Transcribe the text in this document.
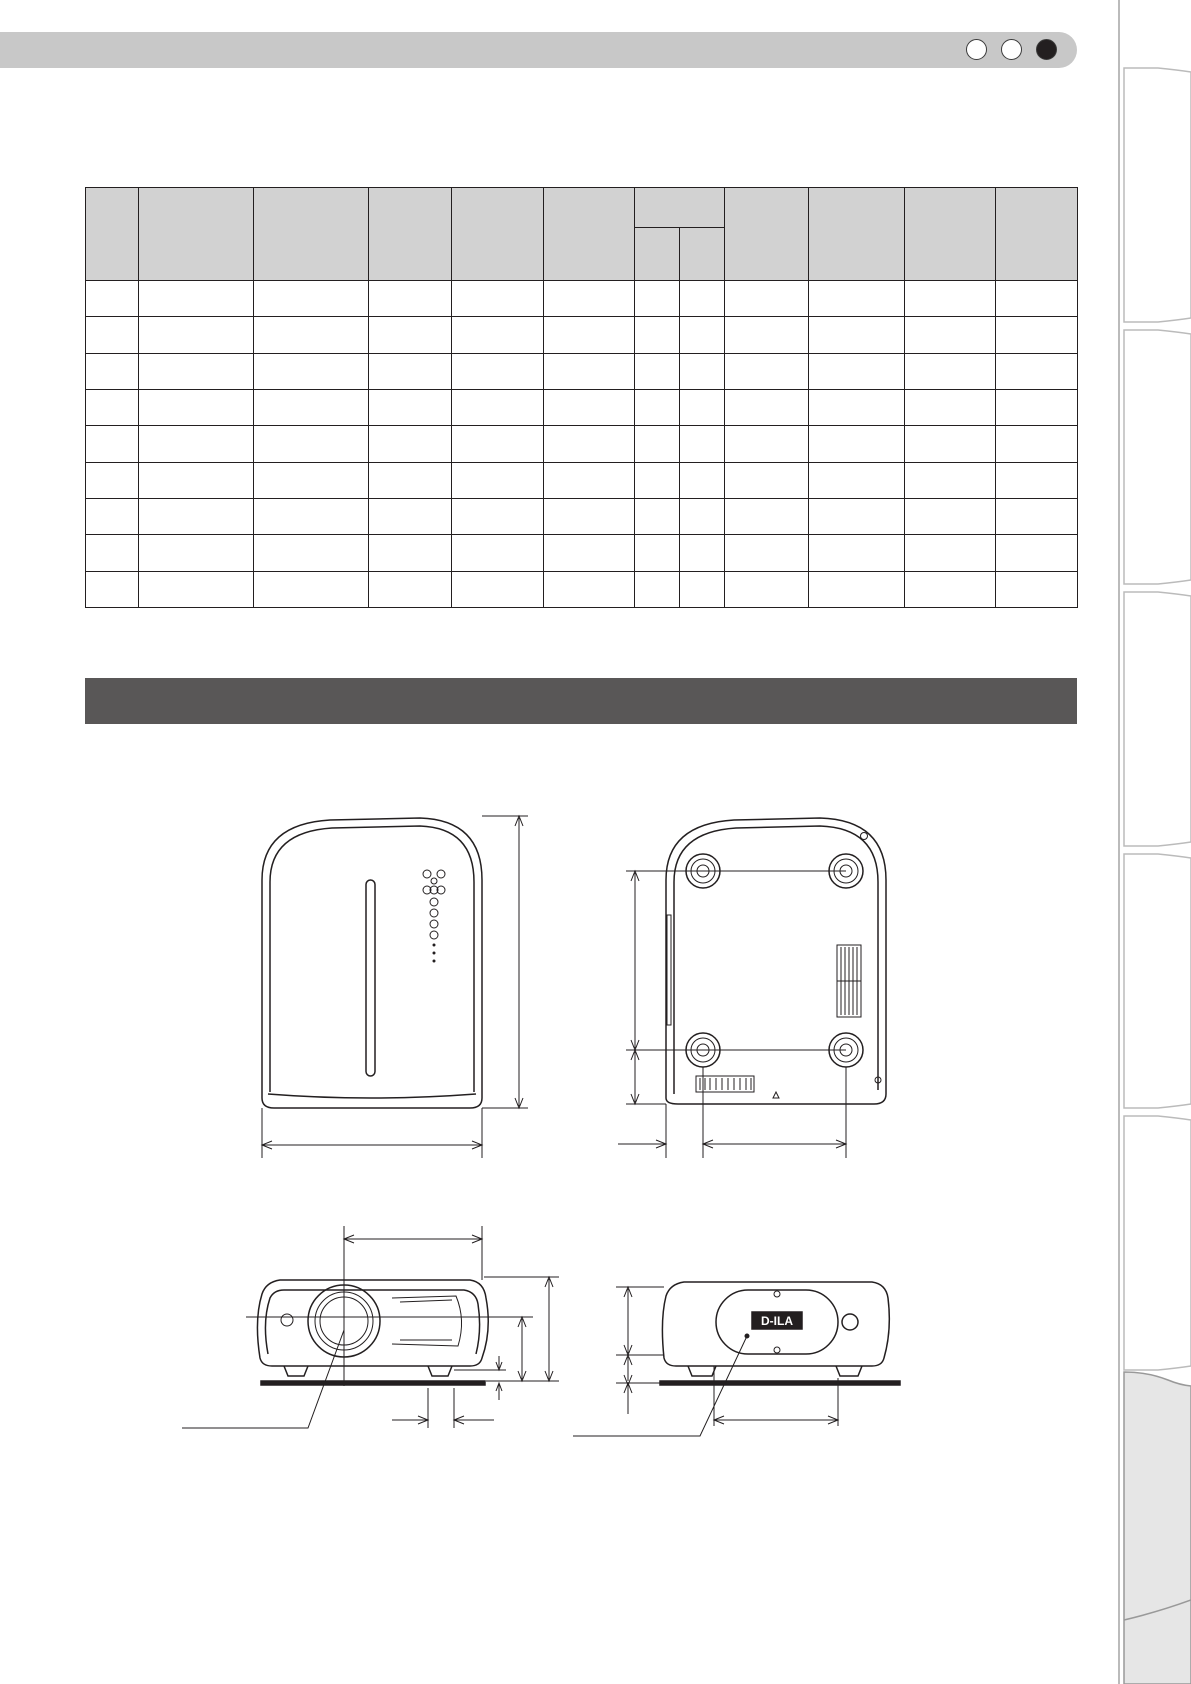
D-ILA
